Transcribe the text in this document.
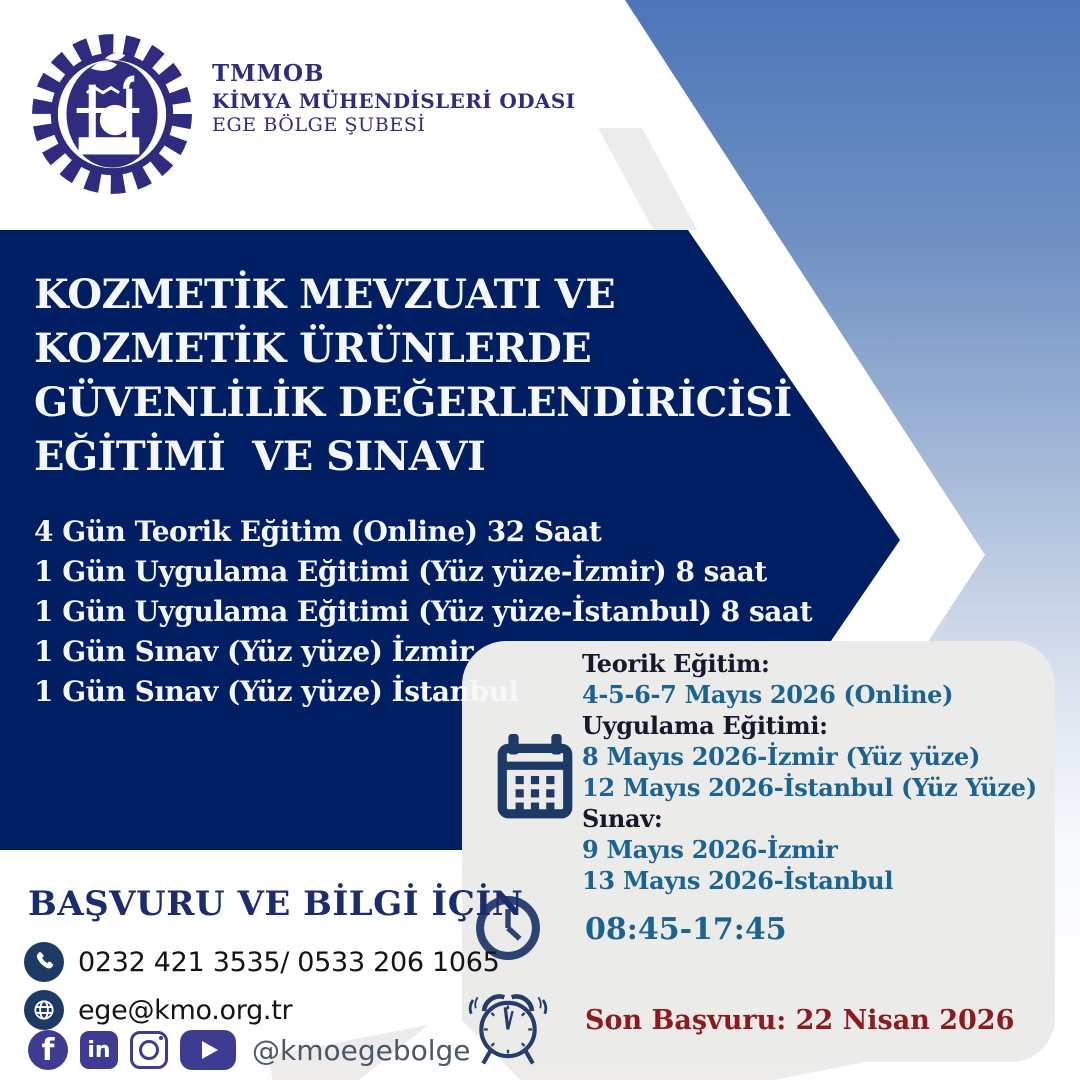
TMMOB
KİMYA MÜHENDİSLERİ ODASI
EGE BÖLGE ŞUBESİ
KOZMETİK MEVZUATI VE
KOZMETİK ÜRÜNLERDE
GÜVENLİLİK DEĞERLENDİRİCİSİ
EĞİTİMİ  VE SINAVI
4 Gün Teorik Eğitim (Online) 32 Saat
1 Gün Uygulama Eğitimi (Yüz yüze-İzmir) 8 saat
1 Gün Uygulama Eğitimi (Yüz yüze-İstanbul) 8 saat
1 Gün Sınav (Yüz yüze) İzmir
1 Gün Sınav (Yüz yüze) İstanbul
Teorik Eğitim:
4-5-6-7 Mayıs 2026 (Online)
Uygulama Eğitimi:
8 Mayıs 2026-İzmir (Yüz yüze)
12 Mayıs 2026-İstanbul (Yüz Yüze)
Sınav:
9 Mayıs 2026-İzmir
13 Mayıs 2026-İstanbul
08:45-17:45
Son Başvuru: 22 Nisan 2026
BAŞVURU VE BİLGİ İÇİN
0232 421 3535/ 0533 206 1065
ege@kmo.org.tr
f	in	@kmoegebolge
